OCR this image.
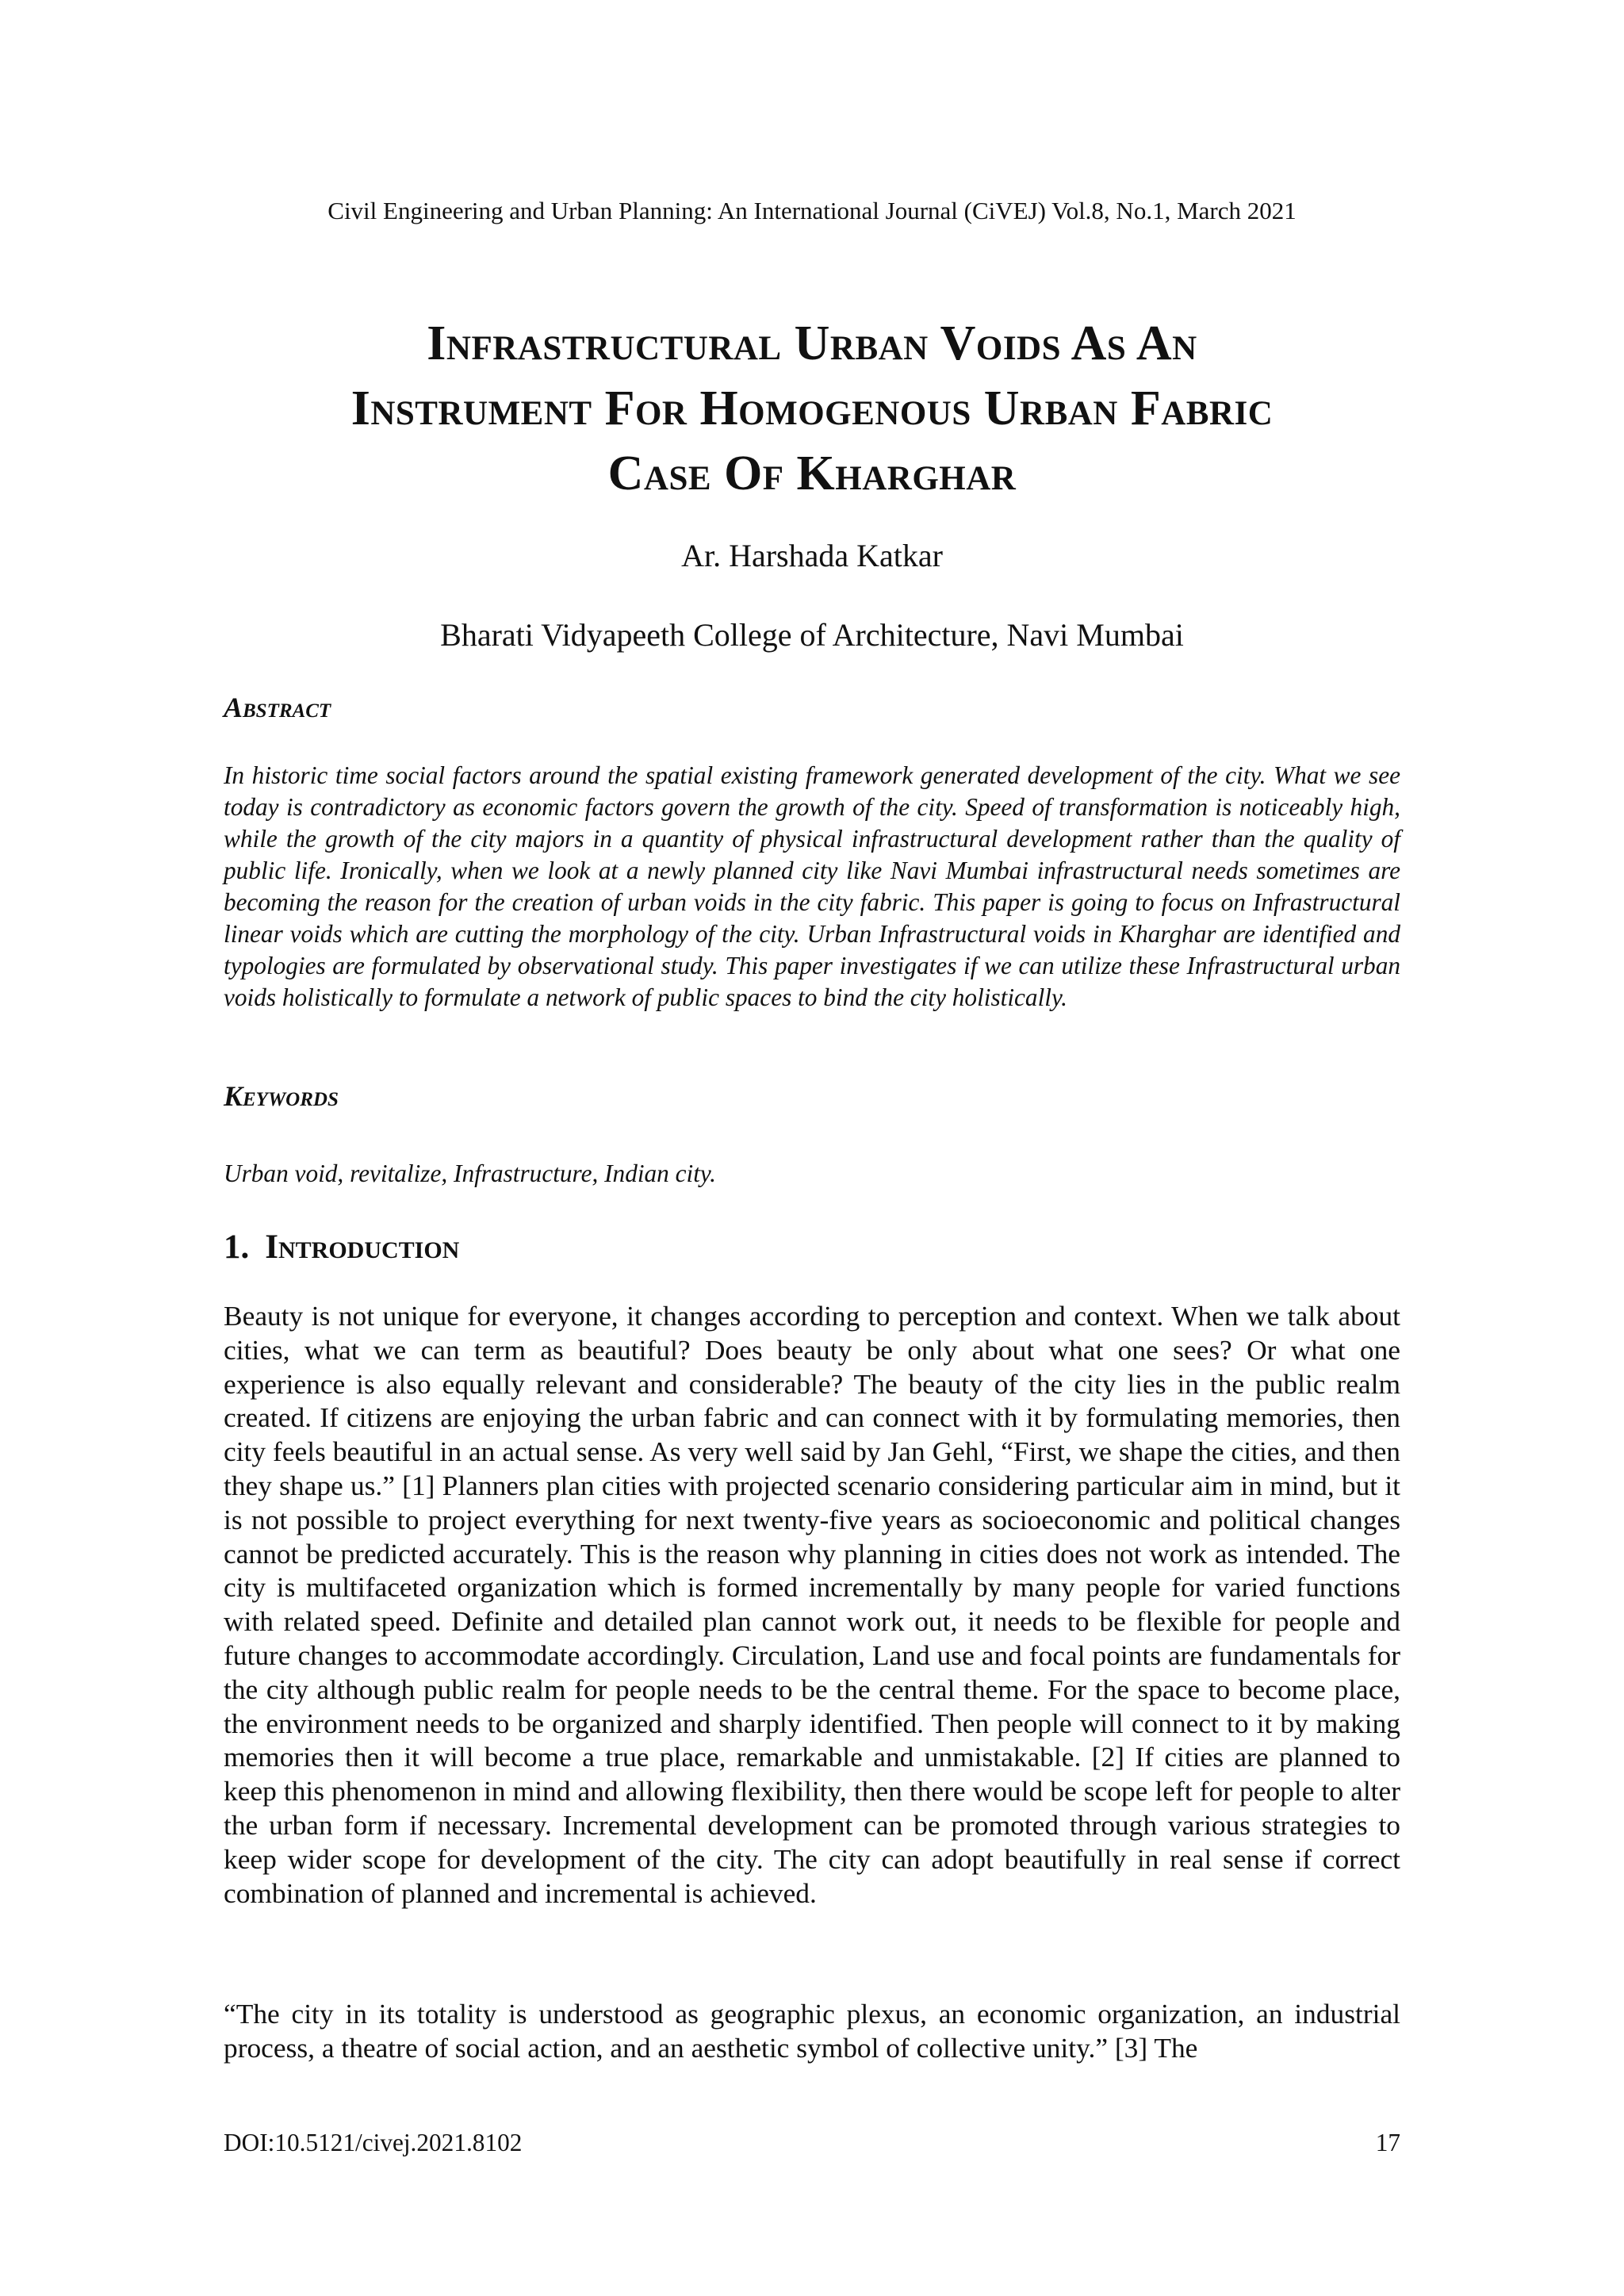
Civil Engineering and Urban Planning: An International Journal (CiVEJ) Vol.8, No.1, March 2021
Infrastructural Urban Voids As An
Instrument For Homogenous Urban Fabric
Case Of Kharghar
Ar. Harshada Katkar
Bharati Vidyapeeth College of Architecture, Navi Mumbai
Abstract
In historic time social factors around the spatial existing framework generated development of the city. What we see today is contradictory as economic factors govern the growth of the city. Speed of transformation is noticeably high, while the growth of the city majors in a quantity of physical infrastructural development rather than the quality of public life. Ironically, when we look at a newly planned city like Navi Mumbai infrastructural needs sometimes are becoming the reason for the creation of urban voids in the city fabric. This paper is going to focus on Infrastructural linear voids which are cutting the morphology of the city. Urban Infrastructural voids in Kharghar are identified and typologies are formulated by observational study. This paper investigates if we can utilize these Infrastructural urban voids holistically to formulate a network of public spaces to bind the city holistically.
Keywords
Urban void, revitalize, Infrastructure, Indian city.
1. Introduction
Beauty is not unique for everyone, it changes according to perception and context. When we talk about cities, what we can term as beautiful? Does beauty be only about what one sees? Or what one experience is also equally relevant and considerable? The beauty of the city lies in the public realm created. If citizens are enjoying the urban fabric and can connect with it by formulating memories, then city feels beautiful in an actual sense. As very well said by Jan Gehl, “First, we shape the cities, and then they shape us.” [1] Planners plan cities with projected scenario considering particular aim in mind, but it is not possible to project everything for next twenty-five years as socioeconomic and political changes cannot be predicted accurately. This is the reason why planning in cities does not work as intended. The city is multifaceted organization which is formed incrementally by many people for varied functions with related speed. Definite and detailed plan cannot work out, it needs to be flexible for people and future changes to accommodate accordingly. Circulation, Land use and focal points are fundamentals for the city although public realm for people needs to be the central theme. For the space to become place, the environment needs to be organized and sharply identified. Then people will connect to it by making memories then it will become a true place, remarkable and unmistakable. [2] If cities are planned to keep this phenomenon in mind and allowing flexibility, then there would be scope left for people to alter the urban form if necessary. Incremental development can be promoted through various strategies to keep wider scope for development of the city. The city can adopt beautifully in real sense if correct combination of planned and incremental is achieved.
“The city in its totality is understood as geographic plexus, an economic organization, an industrial process, a theatre of social action, and an aesthetic symbol of collective unity.” [3] The
DOI:10.5121/civej.2021.8102	17
